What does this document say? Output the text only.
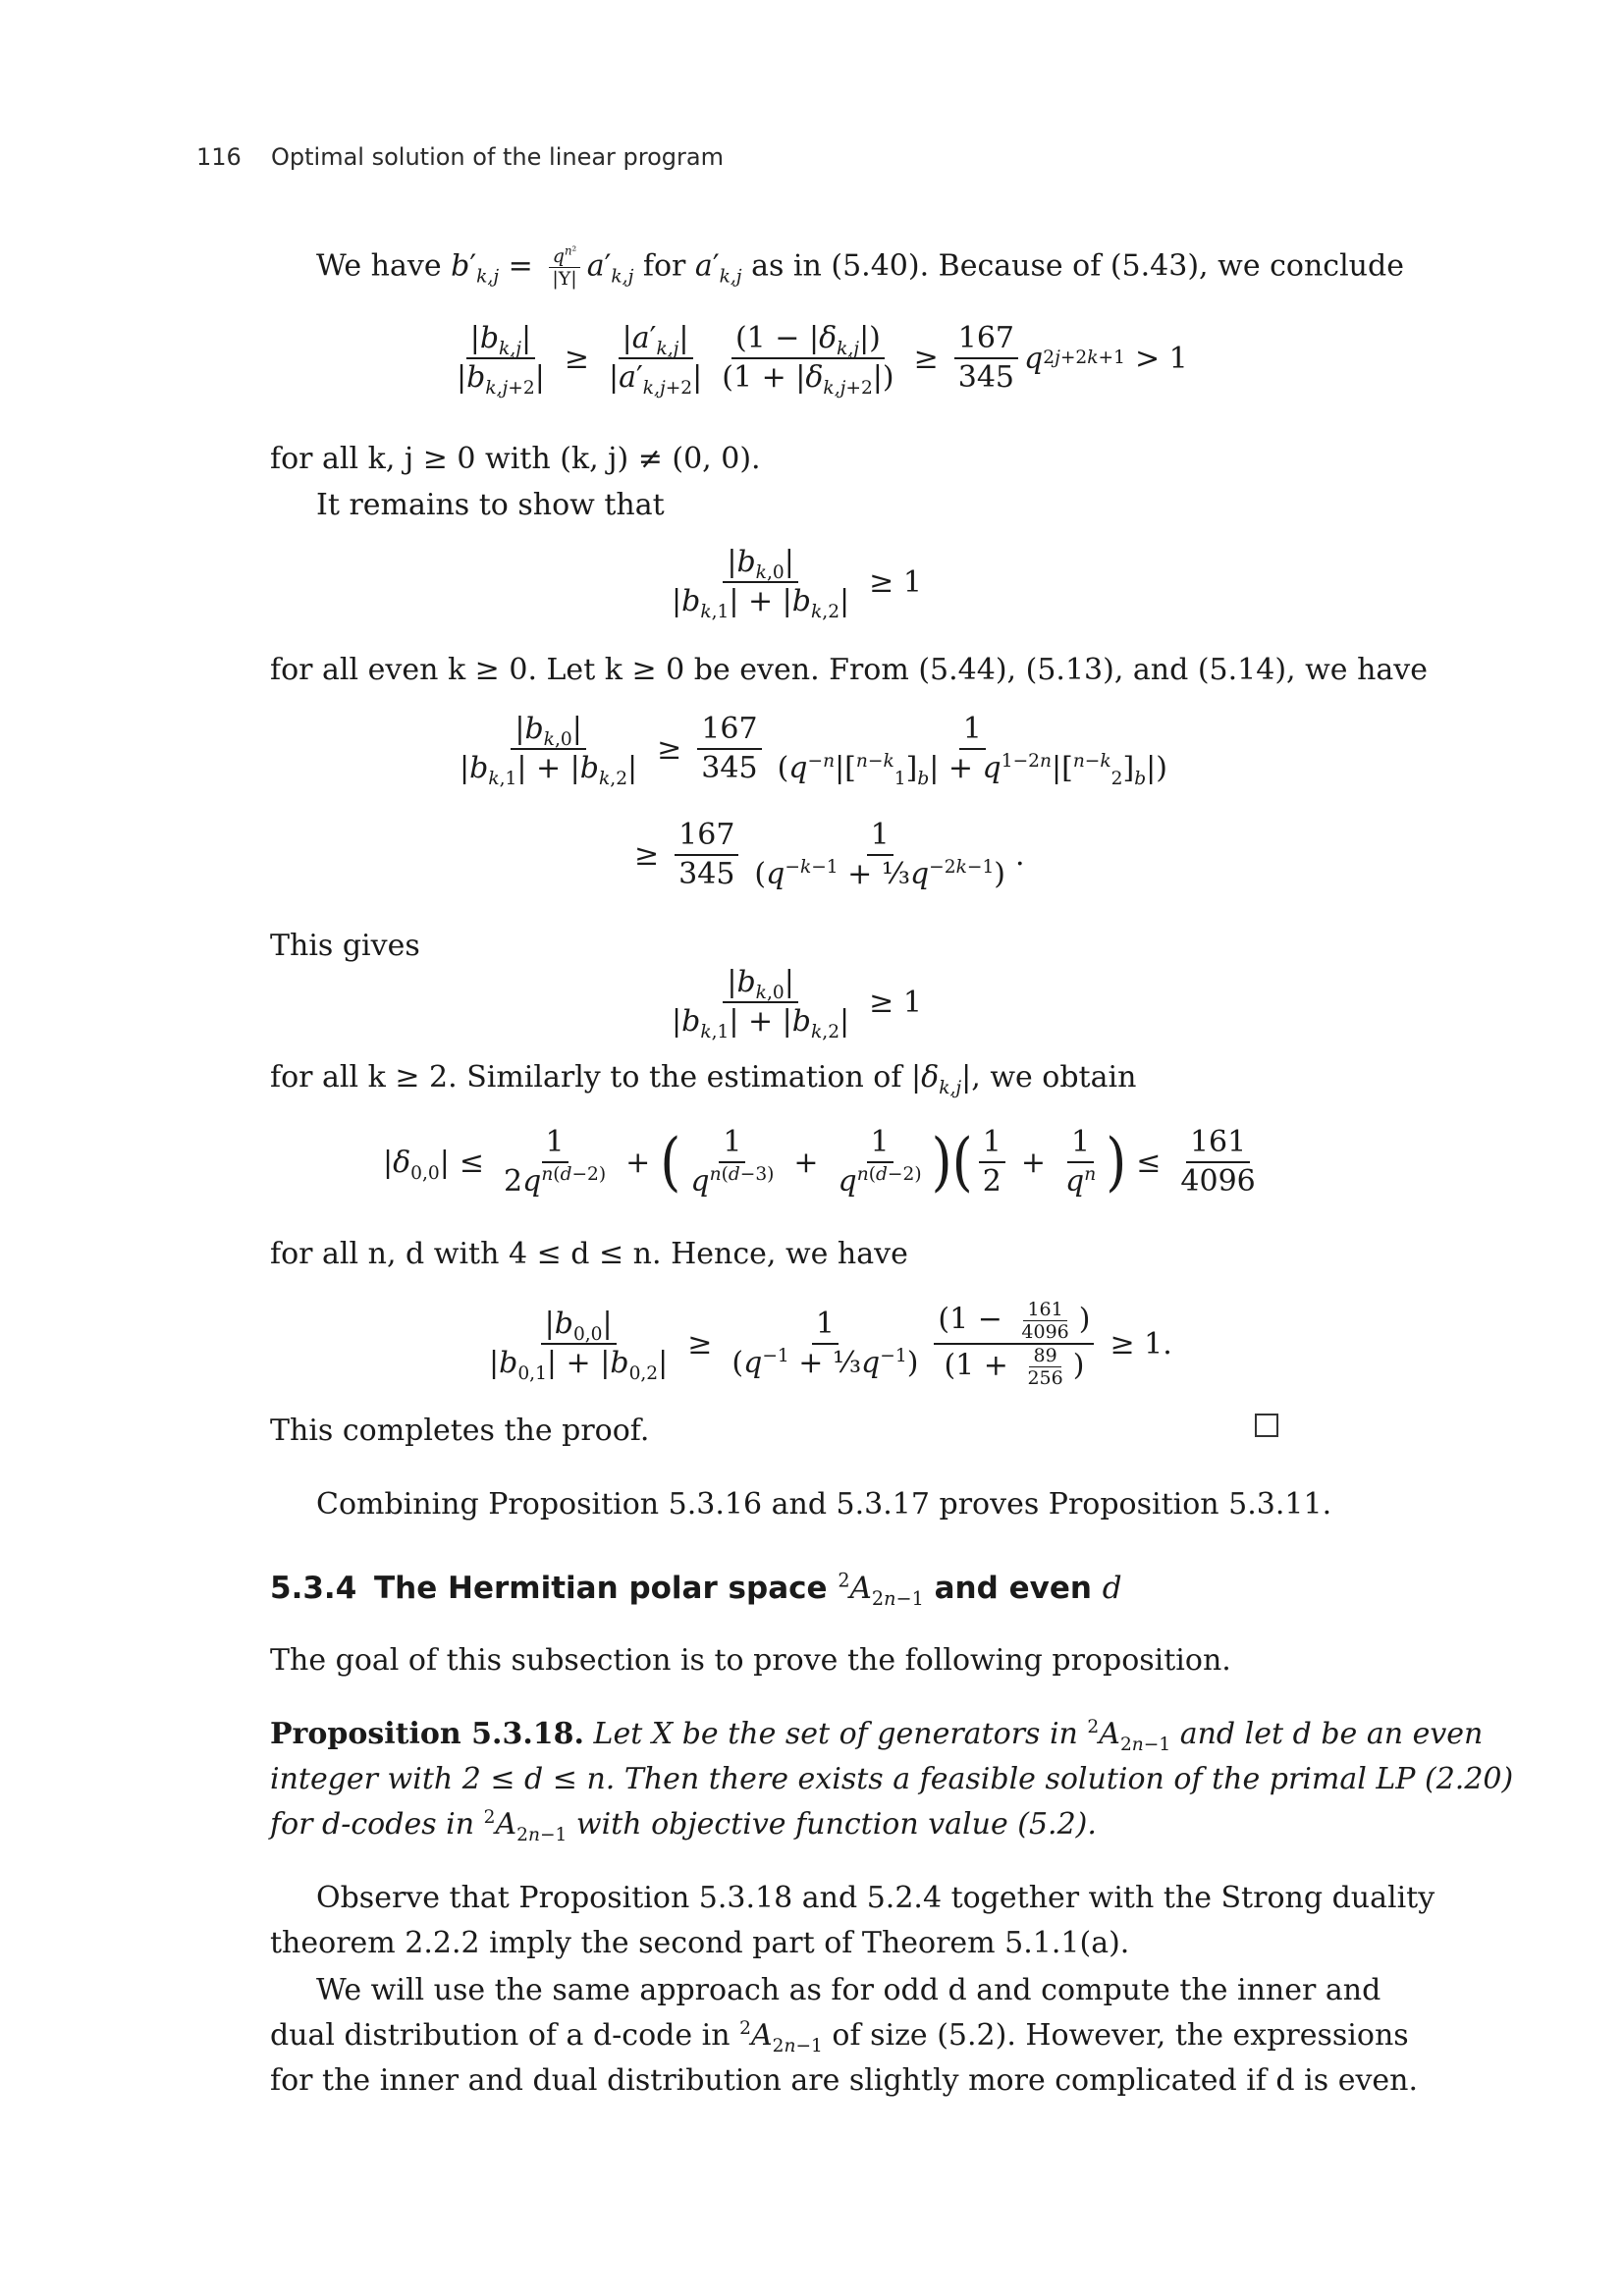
116 Optimal solution of the linear program
We have $b'_{k,j} = \frac{q^{n^2}}{|Y|} a'_{k,j}$ for $a'_{k,j}$ as in (5.40). Because of (5.43), we conclude
$\frac{|b_{k,j}|}{|b_{k,j+2}|} \ge \frac{|a'_{k,j}|}{|a'_{k,j+2}|} \frac{(1 - |\delta_{k,j}|)}{(1 + |\delta_{k,j+2}|)} \ge \frac{167}{345}$ q 2j+2k+1 > 1
for all k, j ≥ 0 with (k, j) ≠ (0, 0).
It remains to show that
$\frac{|b_{k,0}|}{|b_{k,1}| + |b_{k,2}|} \ge 1$
for all even k ≥ 0. Let k ≥ 0 be even. From (5.44), (5.13), and (5.14), we have
$\frac{|b_{k,0}|}{|b_{k,1}| + |b_{k,2}|} \ge \frac{167}{345} \frac{1}{(q^{-n}|[^{n-k}_1]_b| + q^{1-2n}|[^{n-k}_2]_b|)}$
≥ $\frac{167}{345} \frac{1}{(q^{-k-1} + \frac{1}{3}q^{-2k-1})}$ .
This gives
$\frac{|b_{k,0}|}{|b_{k,1}| + |b_{k,2}|} \ge 1$
for all k ≥ 2. Similarly to the estimation of $|\delta_{k,j}|$, we obtain
$|\delta_{0,0}| \le \frac{1}{2q^{n(d-2)}}$ + ( $\frac{1}{q^{n(d-3)}} + \frac{1}{q^{n(d-2)}}$ ) ( $\frac{1}{2} + \frac{1}{q^n}$ ) ≤ $\frac{161}{4096}$
for all n, d with 4 ≤ d ≤ n. Hence, we have
$\frac{|b_{0,0}|}{|b_{0,1}| + |b_{0,2}|} \ge \frac{1}{(q^{-1} + \frac{1}{3}q^{-1})} \frac{(1 - \frac{161}{4096} )}{(1 + \frac{89}{256} )} \ge 1$.
This completes the proof.
Combining Proposition 5.3.16 and 5.3.17 proves Proposition 5.3.11.
5.3.4 The Hermitian polar space $^2A_{2n-1}$ and even d
The goal of this subsection is to prove the following proposition.
Proposition 5.3.18. Let X be the set of generators in $^2A_{2n-1}$ and let d be an even
integer with 2 ≤ d ≤ n. Then there exists a feasible solution of the primal LP (2.20)
for d-codes in $^2A_{2n-1}$ with objective function value (5.2).
Observe that Proposition 5.3.18 and 5.2.4 together with the Strong duality
theorem 2.2.2 imply the second part of Theorem 5.1.1(a).
We will use the same approach as for odd d and compute the inner and
dual distribution of a d-code in $^2A_{2n-1}$ of size (5.2). However, the expressions
for the inner and dual distribution are slightly more complicated if d is even.
